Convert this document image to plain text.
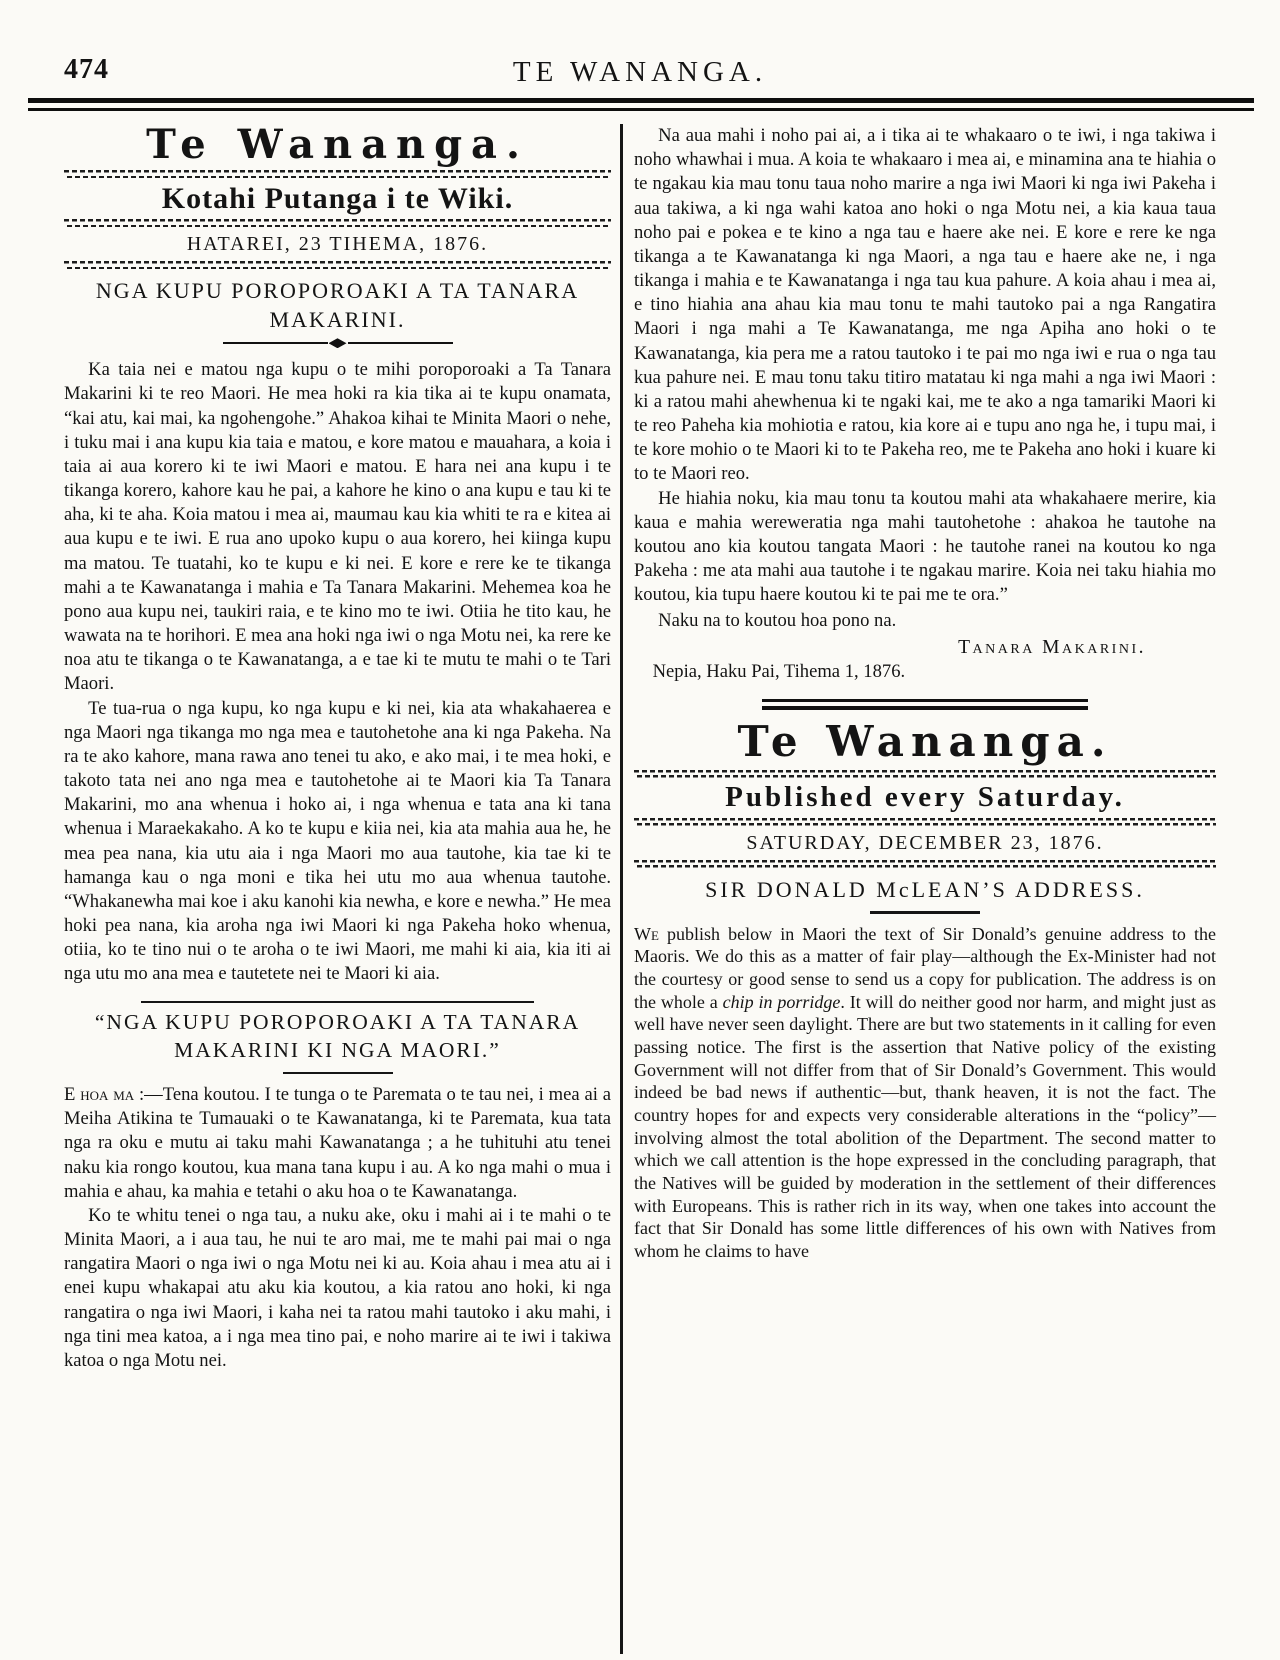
474	TE WANANGA.
Te Wananga.
Kotahi Putanga i te Wiki.
HATAREI, 23 TIHEMA, 1876.
NGA KUPU POROPOROAKI A TA TANARA MAKARINI.

Ka taia nei e matou nga kupu o te mihi poroporoaki a Ta Tanara Makarini ki te reo Maori. He mea hoki ra kia tika ai te kupu onamata, “kai atu, kai mai, ka ngohengohe.” Ahakoa kihai te Minita Maori o nehe, i tuku mai i ana kupu kia taia e matou, e kore matou e mauahara, a koia i taia ai aua korero ki te iwi Maori e matou. E hara nei ana kupu i te tikanga korero, kahore kau he pai, a kahore he kino o ana kupu e tau ki te aha, ki te aha. Koia matou i mea ai, maumau kau kia whiti te ra e kitea ai aua kupu e te iwi. E rua ano upoko kupu o aua korero, hei kiinga kupu ma matou. Te tuatahi, ko te kupu e ki nei. E kore e rere ke te tikanga mahi a te Kawanatanga i mahia e Ta Tanara Makarini. Mehemea koa he pono aua kupu nei, taukiri raia, e te kino mo te iwi. Otiia he tito kau, he wawata na te horihori. E mea ana hoki nga iwi o nga Motu nei, ka rere ke noa atu te tikanga o te Kawanatanga, a e tae ki te mutu te mahi o te Tari Maori.

Te tua-rua o nga kupu, ko nga kupu e ki nei, kia ata whakahaerea e nga Maori nga tikanga mo nga mea e tautohetohe ana ki nga Pakeha. Na ra te ako kahore, mana rawa ano tenei tu ako, e ako mai, i te mea hoki, e takoto tata nei ano nga mea e tautohetohe ai te Maori kia Ta Tanara Makarini, mo ana whenua i hoko ai, i nga whenua e tata ana ki tana whenua i Maraekakaho. A ko te kupu e kiia nei, kia ata mahia aua he, he mea pea nana, kia utu aia i nga Maori mo aua tautohe, kia tae ki te hamanga kau o nga moni e tika hei utu mo aua whenua tautohe. “Whakanewha mai koe i aku kanohi kia newha, e kore e newha.” He mea hoki pea nana, kia aroha nga iwi Maori ki nga Pakeha hoko whenua, otiia, ko te tino nui o te aroha o te iwi Maori, me mahi ki aia, kia iti ai nga utu mo ana mea e tautetete nei te Maori ki aia.

“NGA KUPU POROPOROAKI A TA TANARA MAKARINI KI NGA MAORI.”

E hoa ma :—Tena koutou. I te tunga o te Paremata o te tau nei, i mea ai a Meiha Atikina te Tumauaki o te Kawanatanga, ki te Paremata, kua tata nga ra oku e mutu ai taku mahi Kawanatanga ; a he tuhituhi atu tenei naku kia rongo koutou, kua mana tana kupu i au. A ko nga mahi o mua i mahia e ahau, ka mahia e tetahi o aku hoa o te Kawanatanga.

Ko te whitu tenei o nga tau, a nuku ake, oku i mahi ai i te mahi o te Minita Maori, a i aua tau, he nui te aro mai, me te mahi pai mai o nga rangatira Maori o nga iwi o nga Motu nei ki au. Koia ahau i mea atu ai i enei kupu whakapai atu aku kia koutou, a kia ratou ano hoki, ki nga rangatira o nga iwi Maori, i kaha nei ta ratou mahi tautoko i aku mahi, i nga tini mea katoa, a i nga mea tino pai, e noho marire ai te iwi i takiwa katoa o nga Motu nei.

Na aua mahi i noho pai ai, a i tika ai te whakaaro o te iwi, i nga takiwa i noho whawhai i mua. A koia te whakaaro i mea ai, e minamina ana te hiahia o te ngakau kia mau tonu taua noho marire a nga iwi Maori ki nga iwi Pakeha i aua takiwa, a ki nga wahi katoa ano hoki o nga Motu nei, a kia kaua taua noho pai e pokea e te kino a nga tau e haere ake nei. E kore e rere ke nga tikanga a te Kawanatanga ki nga Maori, a nga tau e haere ake ne, i nga tikanga i mahia e te Kawanatanga i nga tau kua pahure. A koia ahau i mea ai, e tino hiahia ana ahau kia mau tonu te mahi tautoko pai a nga Rangatira Maori i nga mahi a Te Kawanatanga, me nga Apiha ano hoki o te Kawanatanga, kia pera me a ratou tautoko i te pai mo nga iwi e rua o nga tau kua pahure nei. E mau tonu taku titiro matatau ki nga mahi a nga iwi Maori : ki a ratou mahi ahewhenua ki te ngaki kai, me te ako a nga tamariki Maori ki te reo Paheha kia mohiotia e ratou, kia kore ai e tupu ano nga he, i tupu mai, i te kore mohio o te Maori ki to te Pakeha reo, me te Pakeha ano hoki i kuare ki to te Maori reo.

He hiahia noku, kia mau tonu ta koutou mahi ata whakahaere merire, kia kaua e mahia wereweratia nga mahi tautohetohe : ahakoa he tautohe na koutou ano kia koutou tangata Maori : he tautohe ranei na koutou ko nga Pakeha : me ata mahi aua tautohe i te ngakau marire. Koia nei taku hiahia mo koutou, kia tupu haere koutou ki te pai me te ora.”

Naku na to koutou hoa pono na.

Tanara Makarini.
Nepia, Haku Pai, Tihema 1, 1876.
Te Wananga.
Published every Saturday.
SATURDAY, DECEMBER 23, 1876.
SIR DONALD McLEAN’S ADDRESS.

We publish below in Maori the text of Sir Donald’s genuine address to the Maoris. We do this as a matter of fair play—although the Ex-Minister had not the courtesy or good sense to send us a copy for publication. The address is on the whole a chip in porridge. It will do neither good nor harm, and might just as well have never seen daylight. There are but two statements in it calling for even passing notice. The first is the assertion that Native policy of the existing Government will not differ from that of Sir Donald’s Government. This would indeed be bad news if authentic—but, thank heaven, it is not the fact. The country hopes for and expects very considerable alterations in the “policy”—involving almost the total abolition of the Department. The second matter to which we call attention is the hope expressed in the concluding paragraph, that the Natives will be guided by moderation in the settlement of their differences with Europeans. This is rather rich in its way, when one takes into account the fact that Sir Donald has some little differences of his own with Natives from whom he claims to have
